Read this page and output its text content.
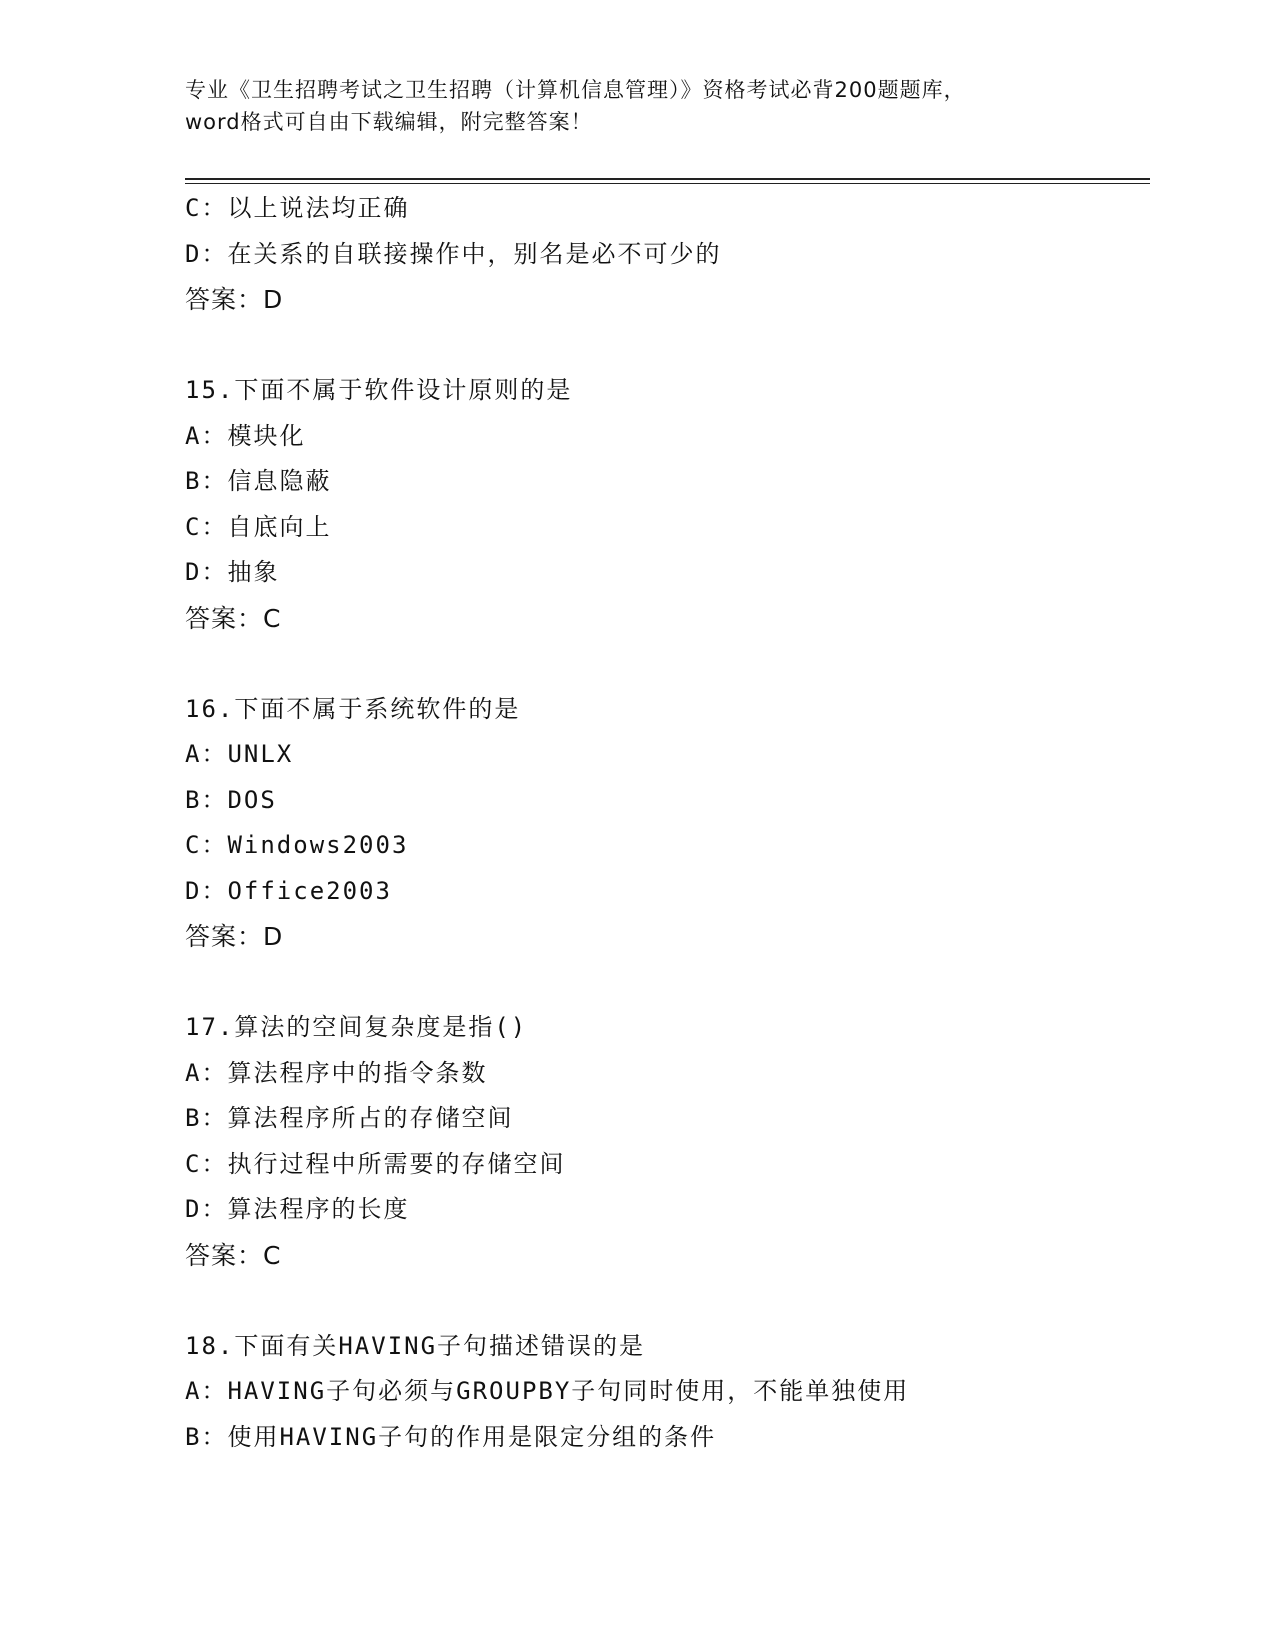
专业《卫生招聘考试之卫生招聘（计算机信息管理）》资格考试必背200题题库，
word格式可自由下载编辑，附完整答案！
C：以上说法均正确
D：在关系的自联接操作中，别名是必不可少的
答案：D
15.下面不属于软件设计原则的是
A：模块化
B：信息隐蔽
C：自底向上
D：抽象
答案：C
16.下面不属于系统软件的是
A：UNLX
B：DOS
C：Windows2003
D：Office2003
答案：D
17.算法的空间复杂度是指()
A：算法程序中的指令条数
B：算法程序所占的存储空间
C：执行过程中所需要的存储空间
D：算法程序的长度
答案：C
18.下面有关HAVING子句描述错误的是
A：HAVING子句必须与GROUPBY子句同时使用，不能单独使用
B：使用HAVING子句的作用是限定分组的条件
